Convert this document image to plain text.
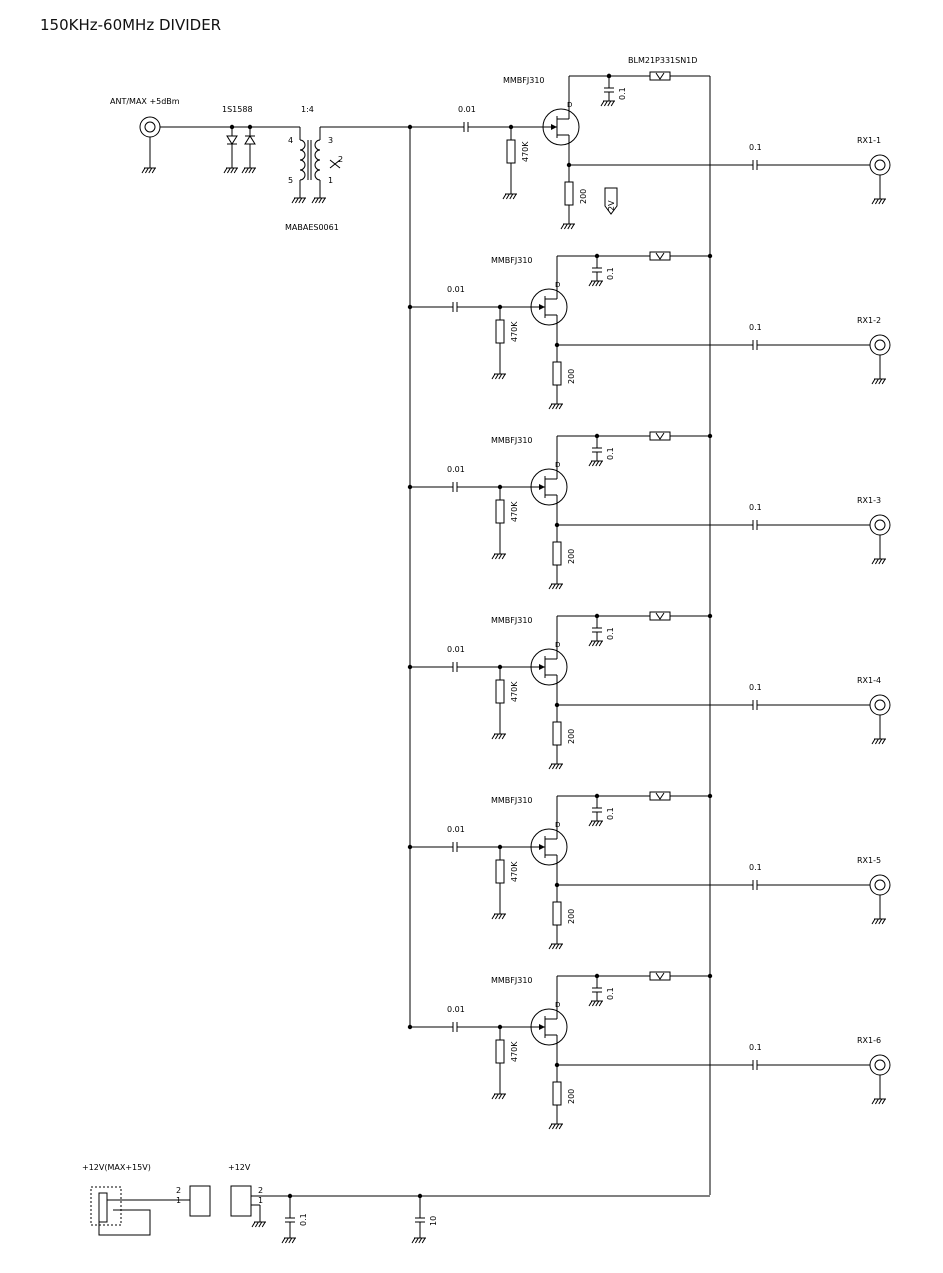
150KHz-60MHz DIVIDER
ANT/MAX +5dBm
1S1588	1:4
4
5
3
2
1
MABAES0061
0.01
470K
MMBFJ310
D
0.1
200
0.1
RX1-1
0.01
470K
MMBFJ310
D
0.1
200
0.1
RX1-2
0.01
470K
MMBFJ310
D
0.1
200
0.1
RX1-3
0.01
470K
MMBFJ310
D
0.1
200
0.1
RX1-4
0.01
470K
MMBFJ310
D
0.1
200
0.1
RX1-5
0.01
470K
MMBFJ310
D
0.1
200
0.1
RX1-6
BLM21P331SN1D
2V
+12V(MAX+15V)
2
1
+12V
2
1
0.1	10
